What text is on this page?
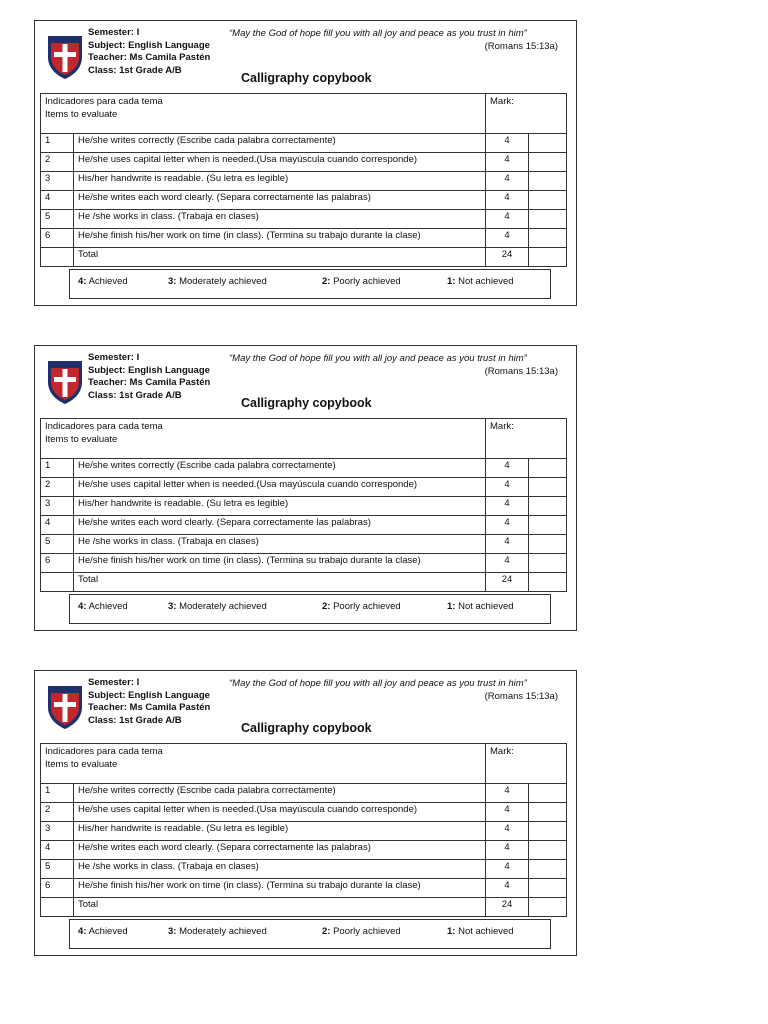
Semester: I
Subject: English Language
Teacher: Ms Camila Pastén
Class: 1st Grade A/B
“May the God of hope fill you with all joy and peace as you trust in him”
(Romans 15:13a)
Calligraphy copybook
Indicadores para cada tema
Items to evaluate		Mark:	
1	He/she writes correctly (Escribe cada palabra correctamente)	4	
2	He/she uses capital letter when is needed.(Usa mayúscula cuando corresponde)	4	
3	His/her handwrite is readable. (Su letra es legible)	4	
4	He/she writes each word clearly. (Separa correctamente las palabras)	4	
5	He /she works in class. (Trabaja en clases)	4	
6	He/she finish his/her work on time (in class). (Termina su trabajo durante la clase)	4	
	Total	24	
4: Achieved	3: Moderately achieved	2: Poorly achieved	1: Not achieved
Semester: I
Subject: English Language
Teacher: Ms Camila Pastén
Class: 1st Grade A/B
“May the God of hope fill you with all joy and peace as you trust in him”
(Romans 15:13a)
Calligraphy copybook
Indicadores para cada tema
Items to evaluate		Mark:	
1	He/she writes correctly (Escribe cada palabra correctamente)	4	
2	He/she uses capital letter when is needed.(Usa mayúscula cuando corresponde)	4	
3	His/her handwrite is readable. (Su letra es legible)	4	
4	He/she writes each word clearly. (Separa correctamente las palabras)	4	
5	He /she works in class. (Trabaja en clases)	4	
6	He/she finish his/her work on time (in class). (Termina su trabajo durante la clase)	4	
	Total	24	
4: Achieved	3: Moderately achieved	2: Poorly achieved	1: Not achieved
Semester: I
Subject: English Language
Teacher: Ms Camila Pastén
Class: 1st Grade A/B
“May the God of hope fill you with all joy and peace as you trust in him”
(Romans 15:13a)
Calligraphy copybook
Indicadores para cada tema
Items to evaluate		Mark:	
1	He/she writes correctly (Escribe cada palabra correctamente)	4	
2	He/she uses capital letter when is needed.(Usa mayúscula cuando corresponde)	4	
3	His/her handwrite is readable. (Su letra es legible)	4	
4	He/she writes each word clearly. (Separa correctamente las palabras)	4	
5	He /she works in class. (Trabaja en clases)	4	
6	He/she finish his/her work on time (in class). (Termina su trabajo durante la clase)	4	
	Total	24	
4: Achieved	3: Moderately achieved	2: Poorly achieved	1: Not achieved
